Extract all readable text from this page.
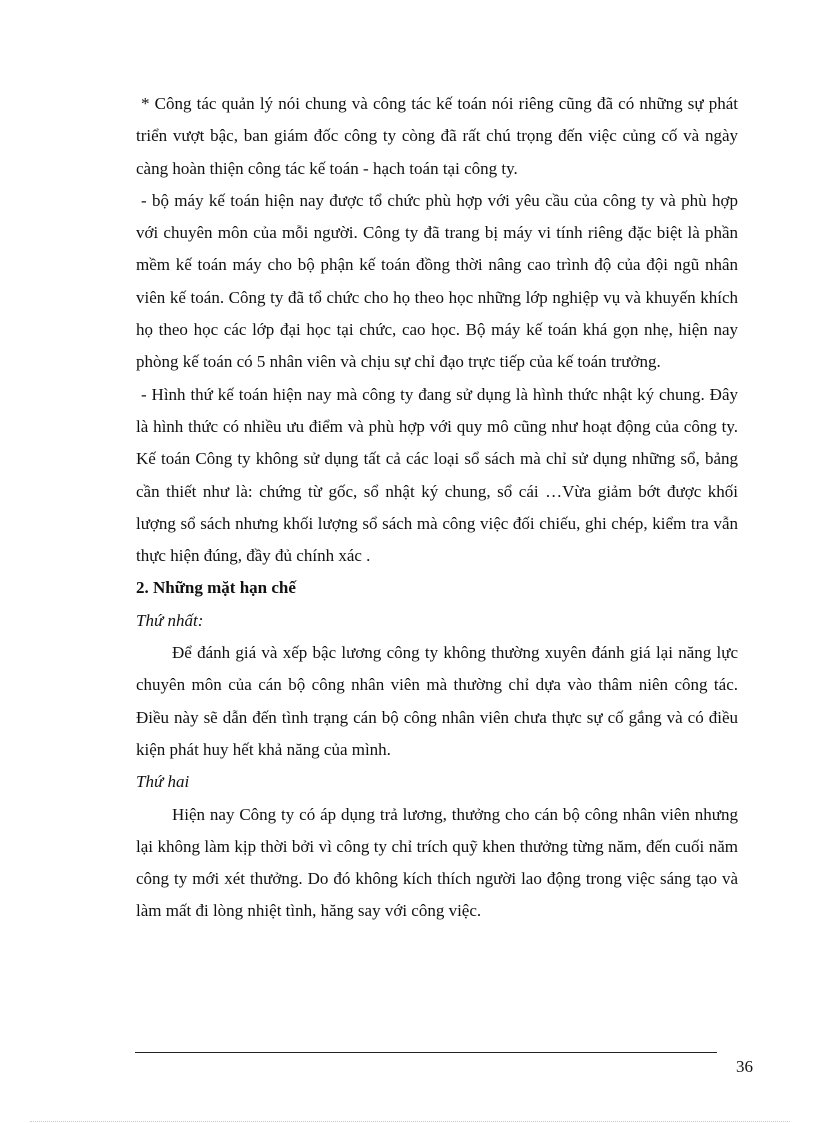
* Công tác quản lý nói chung và công tác kế toán nói riêng cũng đã có những sự phát triển vượt bậc, ban giám đốc công ty còng đã rất chú trọng đến việc củng cố và ngày càng hoàn thiện công tác kế toán - hạch toán tại công ty.

- bộ máy kế toán hiện nay được tổ chức phù hợp với yêu cầu của công ty và phù hợp với chuyên môn của mỗi người. Công ty đã trang bị máy vi tính riêng đặc biệt là phần mềm kế toán máy cho bộ phận kế toán đồng thời nâng cao trình độ của đội ngũ nhân viên kế toán. Công ty đã tổ chức cho họ theo học những lớp nghiệp vụ và khuyến khích họ theo học các lớp đại học tại chức, cao học. Bộ máy kế toán khá gọn nhẹ, hiện nay phòng kế toán có 5 nhân viên và chịu sự chỉ đạo trực tiếp của kế toán trưởng.

- Hình thứ kế toán hiện nay mà công ty đang sử dụng là hình thức nhật ký chung. Đây là hình thức có nhiều ưu điểm và phù hợp với quy mô cũng như hoạt động của công ty. Kế toán Công ty không sử dụng tất cả các loại sổ sách mà chỉ sử dụng những sổ, bảng cần thiết như là: chứng từ gốc, sổ nhật ký chung, sổ cái …Vừa giảm bớt được khối lượng sổ sách nhưng khối lượng sổ sách mà công việc đối chiếu, ghi chép, kiểm tra vẫn thực hiện đúng, đầy đủ chính xác .

2. Những mặt hạn chế

Thứ nhất:

Để đánh giá và xếp bậc lương công ty không thường xuyên đánh giá lại năng lực chuyên môn của cán bộ công nhân viên mà thường chỉ dựa vào thâm niên công tác. Điều này sẽ dẫn đến tình trạng cán bộ công nhân viên chưa thực sự cố gắng và có điều kiện phát huy hết khả năng của mình.

Thứ hai

Hiện nay Công ty có áp dụng trả lương, thưởng cho cán bộ công nhân viên nhưng lại không làm kịp thời bởi vì công ty chỉ trích quỹ khen thưởng từng năm, đến cuối năm công ty mới xét thưởng. Do đó không kích thích người lao động trong việc sáng tạo và làm mất đi lòng nhiệt tình, hăng say với công việc.

36
